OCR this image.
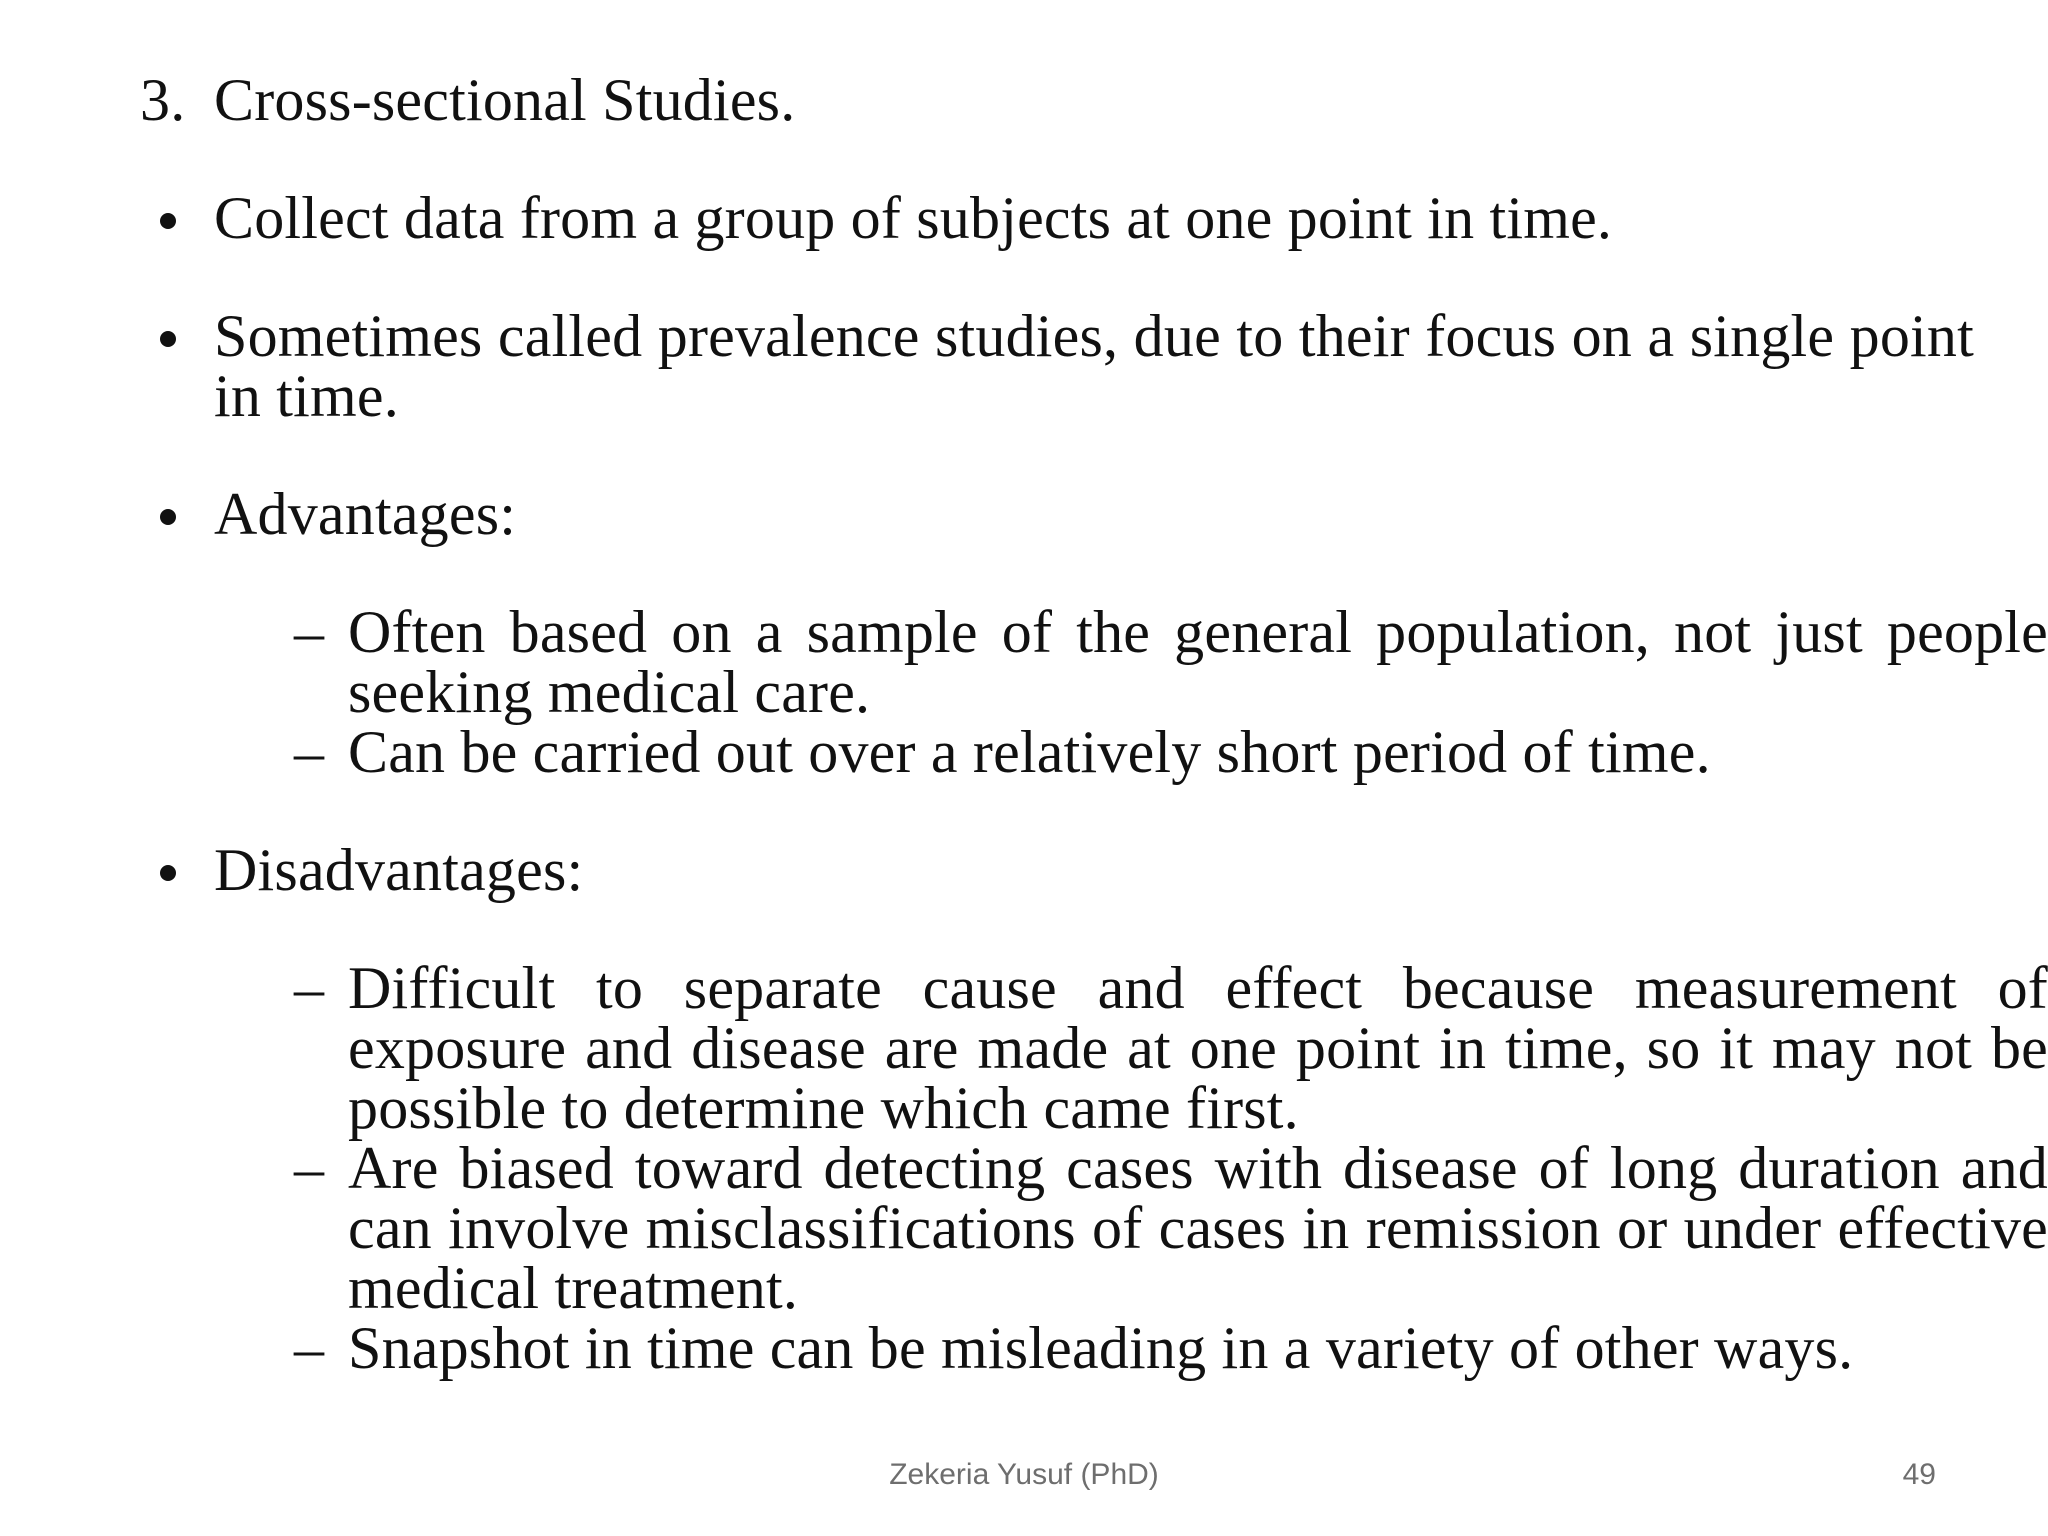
3. Cross-sectional Studies.
Collect data from a group of subjects at one point in time.
Sometimes called prevalence studies, due to their focus on a single point in time.
Advantages:
– Often based on a sample of the general population, not just people seeking medical care.
– Can be carried out over a relatively short period of time.
Disadvantages:
– Difficult to separate cause and effect because measurement of exposure and disease are made at one point in time, so it may not be possible to determine which came first.
– Are biased toward detecting cases with disease of long duration and can involve misclassifications of cases in remission or under effective medical treatment.
– Snapshot in time can be misleading in a variety of other ways.
Zekeria Yusuf (PhD)	49
